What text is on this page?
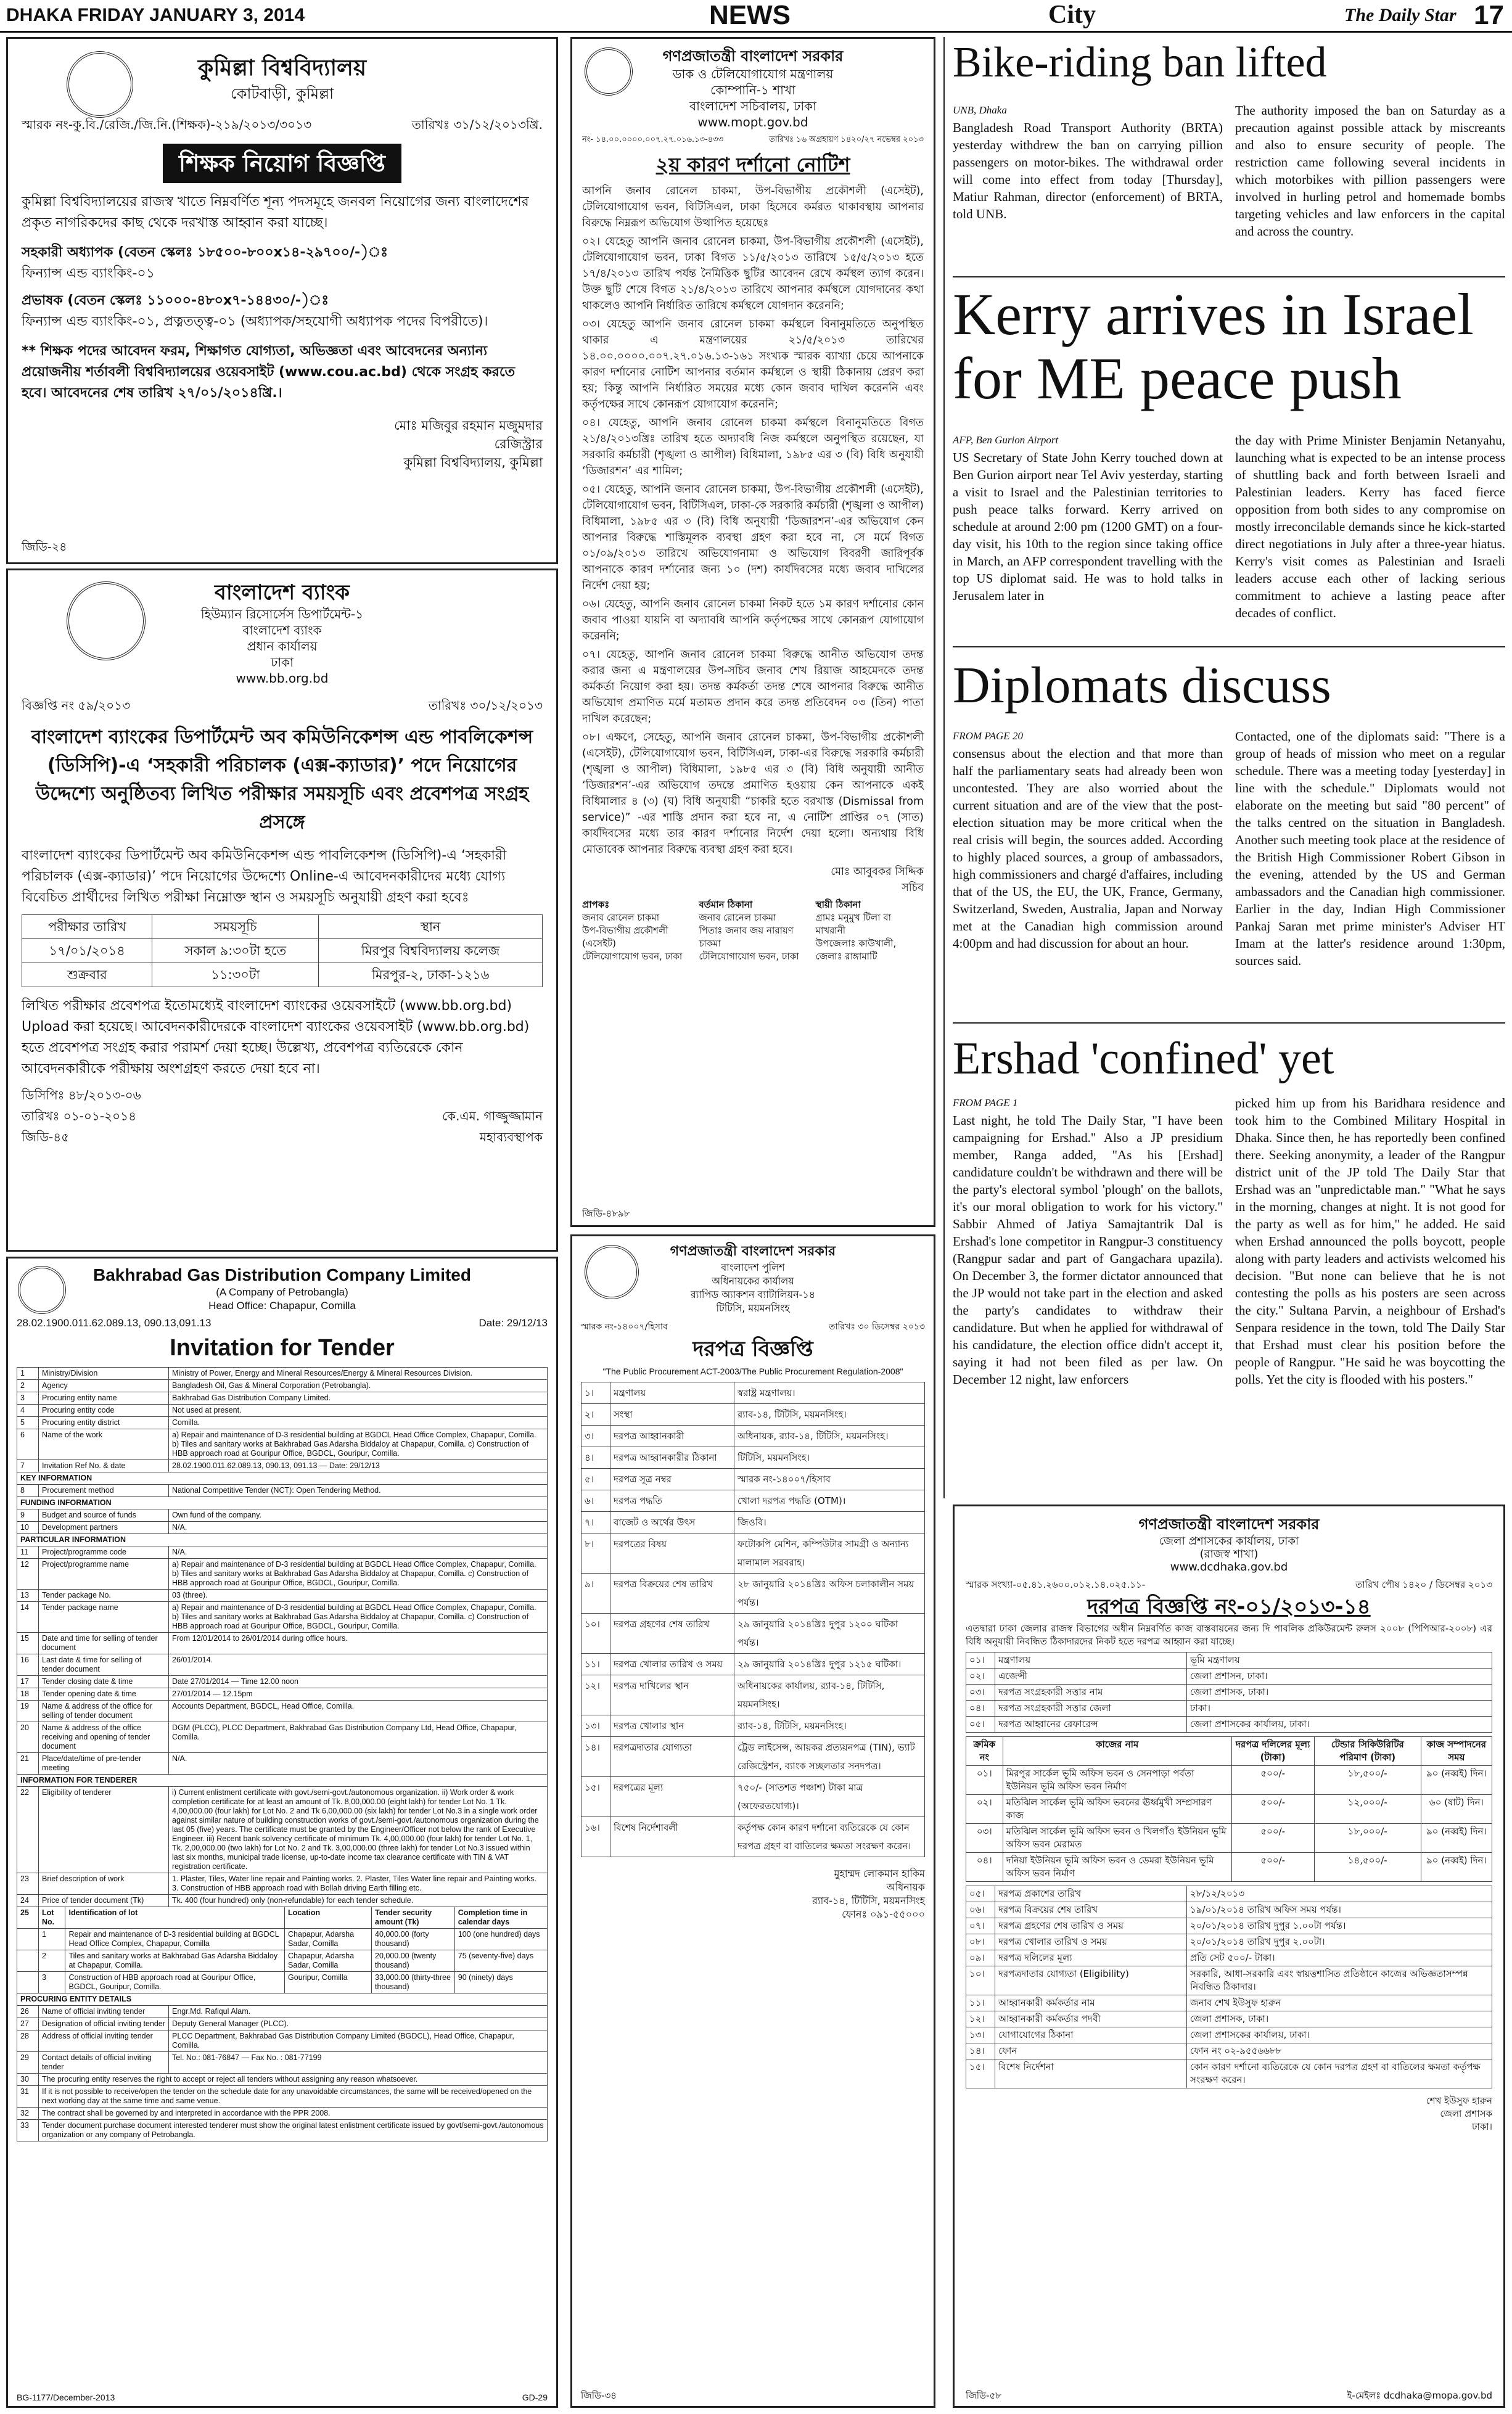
DHAKA FRIDAY JANUARY 3, 2014	NEWS	City	The Daily Star 17
কুমিল্লা বিশ্ববিদ্যালয়
কোটবাড়ী, কুমিল্লা
স্মারক নং-কু.বি./রেজি./জি.নি.(শিক্ষক)-২১৯/২০১৩/৩০১৩	তারিখঃ ৩১/১২/২০১৩খ্রি.
শিক্ষক নিয়োগ বিজ্ঞপ্তি
কুমিল্লা বিশ্ববিদ্যালয়ের রাজস্ব খাতে নিম্নবর্ণিত শূন্য পদসমূহে জনবল নিয়োগের জন্য বাংলাদেশের প্রকৃত নাগরিকদের কাছ থেকে দরখাস্ত আহ্বান করা যাচ্ছে।
সহকারী অধ্যাপক (বেতন স্কেলঃ ১৮৫০০-৮০০x১৪-২৯৭০০/-)ঃ
ফিন্যান্স এন্ড ব্যাংকিং-০১
প্রভাষক (বেতন স্কেলঃ ১১০০০-৪৮০x৭-১৪৪৩০/-)ঃ
ফিন্যান্স এন্ড ব্যাংকিং-০১, প্রত্নতত্ত্ব-০১ (অধ্যাপক/সহযোগী অধ্যাপক পদের বিপরীতে)।
** শিক্ষক পদের আবেদন ফরম, শিক্ষাগত যোগ্যতা, অভিজ্ঞতা এবং আবেদনের অন্যান্য প্রয়োজনীয় শর্তাবলী বিশ্ববিদ্যালয়ের ওয়েবসাইট (www.cou.ac.bd) থেকে সংগ্রহ করতে হবে। আবেদনের শেষ তারিখ ২৭/০১/২০১৪খ্রি.।
মোঃ মজিবুর রহমান মজুমদার
রেজিস্ট্রার
কুমিল্লা বিশ্ববিদ্যালয়, কুমিল্লা
জিডি-২৪
বাংলাদেশ ব্যাংক
হিউম্যান রিসোর্সেস ডিপার্টমেন্ট-১
বাংলাদেশ ব্যাংক
প্রধান কার্যালয়
ঢাকা
www.bb.org.bd
বিজ্ঞপ্তি নং ৫৯/২০১৩	তারিখঃ ৩০/১২/২০১৩
বাংলাদেশ ব্যাংকের ডিপার্টমেন্ট অব কমিউনিকেশন্স এন্ড পাবলিকেশন্স (ডিসিপি)-এ ‘সহকারী পরিচালক (এক্স-ক্যাডার)’ পদে নিয়োগের উদ্দেশ্যে অনুষ্ঠিতব্য লিখিত পরীক্ষার সময়সূচি এবং প্রবেশপত্র সংগ্রহ প্রসঙ্গে
বাংলাদেশ ব্যাংকের ডিপার্টমেন্ট অব কমিউনিকেশন্স এন্ড পাবলিকেশন্স (ডিসিপি)-এ ‘সহকারী পরিচালক (এক্স-ক্যাডার)’ পদে নিয়োগের উদ্দেশ্যে Online-এ আবেদনকারীদের মধ্যে যোগ্য বিবেচিত প্রার্থীদের লিখিত পরীক্ষা নিম্নোক্ত স্থান ও সময়সূচি অনুযায়ী গ্রহণ করা হবেঃ
পরীক্ষার তারিখ	সময়সূচি	স্থান
১৭/০১/২০১৪	সকাল ৯:৩০টা হতে	মিরপুর বিশ্ববিদ্যালয় কলেজ
শুক্রবার	১১:৩০টা	মিরপুর-২, ঢাকা-১২১৬
লিখিত পরীক্ষার প্রবেশপত্র ইতোমধ্যেই বাংলাদেশ ব্যাংকের ওয়েবসাইটে (www.bb.org.bd) Upload করা হয়েছে। আবেদনকারীদেরকে বাংলাদেশ ব্যাংকের ওয়েবসাইট (www.bb.org.bd) হতে প্রবেশপত্র সংগ্রহ করার পরামর্শ দেয়া হচ্ছে। উল্লেখ্য, প্রবেশপত্র ব্যতিরেকে কোন আবেদনকারীকে পরীক্ষায় অংশগ্রহণ করতে দেয়া হবে না।
ডিসিপিঃ ৪৮/২০১৩-০৬
তারিখঃ ০১-০১-২০১৪	কে.এম. গাজ্জুজ্জামান
জিডি-৪৫	মহাব্যবস্থাপক
Bakhrabad Gas Distribution Company Limited
(A Company of Petrobangla)
Head Office: Chapapur, Comilla
28.02.1900.011.62.089.13, 090.13,091.13	Date: 29/12/13
Invitation for Tender
1	Ministry/Division	Ministry of Power, Energy and Mineral Resources/Energy & Mineral Resources Division.
2	Agency	Bangladesh Oil, Gas & Mineral Corporation (Petrobangla).
3	Procuring entity name	Bakhrabad Gas Distribution Company Limited.
4	Procuring entity code	Not used at present.
5	Procuring entity district	Comilla.
6	Name of the work	a) Repair and maintenance of D-3 residential building at BGDCL Head Office Complex, Chapapur, Comilla. b) Tiles and sanitary works at Bakhrabad Gas Adarsha Biddaloy at Chapapur, Comilla. c) Construction of HBB approach road at Gouripur Office, BGDCL, Gouripur, Comilla.
7	Invitation Ref No. & date	28.02.1900.011.62.089.13, 090.13, 091.13 — Date: 29/12/13
KEY INFORMATION		
8	Procurement method	National Competitive Tender (NCT): Open Tendering Method.
FUNDING INFORMATION		
9	Budget and source of funds	Own fund of the company.
10	Development partners	N/A.
PARTICULAR INFORMATION		
11	Project/programme code	N/A.
12	Project/programme name	a) Repair and maintenance of D-3 residential building at BGDCL Head Office Complex, Chapapur, Comilla. b) Tiles and sanitary works at Bakhrabad Gas Adarsha Biddaloy at Chapapur, Comilla. c) Construction of HBB approach road at Gouripur Office, BGDCL, Gouripur, Comilla.
13	Tender package No.	03 (three).
14	Tender package name	a) Repair and maintenance of D-3 residential building at BGDCL Head Office Complex, Chapapur, Comilla. b) Tiles and sanitary works at Bakhrabad Gas Adarsha Biddaloy at Chapapur, Comilla. c) Construction of HBB approach road at Gouripur Office, BGDCL, Gouripur, Comilla.
15	Date and time for selling of tender document	From 12/01/2014 to 26/01/2014 during office hours.
16	Last date & time for selling of tender document	26/01/2014.
17	Tender closing date & time	Date 27/01/2014 — Time 12.00 noon
18	Tender opening date & time	27/01/2014 — 12.15pm
19	Name & address of the office for selling of tender document	Accounts Department, BGDCL, Head Office, Comilla.
20	Name & address of the office receiving and opening of tender document	DGM (PLCC), PLCC Department, Bakhrabad Gas Distribution Company Ltd, Head Office, Chapapur, Comilla.
21	Place/date/time of pre-tender meeting	N/A.
INFORMATION FOR TENDERER		
22	Eligibility of tenderer	i) Current enlistment certificate with govt./semi-govt./autonomous organization. ii) Work order & work completion certificate for at least an amount of Tk. 8,00,000.00 (eight lakh) for tender Lot No. 1 Tk. 4,00,000.00 (four lakh) for Lot No. 2 and Tk 6,00,000.00 (six lakh) for tender Lot No.3 in a single work order against similar nature of building construction works of govt./semi-govt./autonomous organization during the last 05 (five) years. The certificate must be granted by the Engineer/Officer not below the rank of Executive Engineer. iii) Recent bank solvency certificate of minimum Tk. 4,00,000.00 (four lakh) for tender Lot No. 1, Tk. 2,00,000.00 (two lakh) for Lot No. 2 and Tk. 3,00,000.00 (three lakh) for tender Lot No.3 issued within last six months, municipal trade license, up-to-date income tax clearance certificate with TIN & VAT registration certificate.
23	Brief description of work	1. Plaster, Tiles, Water line repair and Painting works. 2. Plaster, Tiles Water line repair and Painting works. 3. Construction of HBB approach road with Bollah driving Earth filling etc.
24	Price of tender document (Tk)	Tk. 400 (four hundred) only (non-refundable) for each tender schedule.
25	Lot No.	Identification of lot	Location	Tender security amount (Tk)	Completion time in calendar days
	1	Repair and maintenance of D-3 residential building at BGDCL Head Office Complex, Chapapur, Comilla	Chapapur, Adarsha Sadar, Comilla	40,000.00 (forty thousand)	100 (one hundred) days
	2	Tiles and sanitary works at Bakhrabad Gas Adarsha Biddaloy at Chapapur, Comilla.	Chapapur, Adarsha Sadar, Comilla	20,000.00 (twenty thousand)	75 (seventy-five) days
	3	Construction of HBB approach road at Gouripur Office, BGDCL, Gouripur, Comilla.	Gouripur, Comilla	33,000.00 (thirty-three thousand)	90 (ninety) days
PROCURING ENTITY DETAILS		
26	Name of official inviting tender	Engr.Md. Rafiqul Alam.
27	Designation of official inviting tender	Deputy General Manager (PLCC).
28	Address of official inviting tender	PLCC Department, Bakhrabad Gas Distribution Company Limited (BGDCL), Head Office, Chapapur, Comilla.
29	Contact details of official inviting tender	Tel. No.: 081-76847 — Fax No. : 081-77199
30	The procuring entity reserves the right to accept or reject all tenders without assigning any reason whatsoever.	
31	If it is not possible to receive/open the tender on the schedule date for any unavoidable circumstances, the same will be received/opened on the next working day at the same time and same venue.	
32	The contract shall be governed by and interpreted in accordance with the PPR 2008.	
33	Tender document purchase document interested tenderer must show the original latest enlistment certificate issued by govt/semi-govt./autonomous organization or any company of Petrobangla.	
BG-1177/December-2013	GD-29
গণপ্রজাতন্ত্রী বাংলাদেশ সরকার
ডাক ও টেলিযোগাযোগ মন্ত্রণালয়
কোম্পানি-১ শাখা
বাংলাদেশ সচিবালয়, ঢাকা
www.mopt.gov.bd
নং- ১৪.০০.০০০০.০০৭.২৭.০১৬.১৩-৪৩৩	তারিখঃ ১৬ অগ্রহায়ণ ১৪২০/২৭ নভেম্বর ২০১৩
২য় কারণ দর্শানো নোটিশ
আপনি জনাব রোনেল চাকমা, উপ-বিভাগীয় প্রকৌশলী (এসেইট), টেলিযোগাযোগ ভবন, বিটিসিএল, ঢাকা হিসেবে কর্মরত থাকাবস্থায় আপনার বিরুদ্ধে নিম্নরূপ অভিযোগ উত্থাপিত হয়েছেঃ
০২। যেহেতু আপনি জনাব রোনেল চাকমা, উপ-বিভাগীয় প্রকৌশলী (এসেইট), টেলিযোগাযোগ ভবন, ঢাকা বিগত ১১/৫/২০১৩ তারিখে ১৫/৫/২০১৩ হতে ১৭/৪/২০১৩ তারিখ পর্যন্ত নৈমিত্তিক ছুটির আবেদন রেখে কর্মস্থল ত্যাগ করেন। উক্ত ছুটি শেষে বিগত ২১/৪/২০১৩ তারিখে আপনার কর্মস্থলে যোগদানের কথা থাকলেও আপনি নির্ধারিত তারিখে কর্মস্থলে যোগদান করেননি;
০৩। যেহেতু আপনি জনাব রোনেল চাকমা কর্মস্থলে বিনানুমতিতে অনুপস্থিত থাকার এ মন্ত্রণালয়ের ২১/৫/২০১৩ তারিখের ১৪.০০.০০০০.০০৭.২৭.০১৬.১৩-১৬১ সংখ্যক স্মারক ব্যাখ্যা চেয়ে আপনাকে কারণ দর্শানোর নোটিশ আপনার বর্তমান কর্মস্থলে ও স্থায়ী ঠিকানায় প্রেরণ করা হয়; কিন্তু আপনি নির্ধারিত সময়ের মধ্যে কোন জবাব দাখিল করেননি এবং কর্তৃপক্ষের সাথে কোনরূপ যোগাযোগ করেননি;
০৪। যেহেতু, আপনি জনাব রোনেল চাকমা কর্মস্থলে বিনানুমতিতে বিগত ২১/৪/২০১৩খ্রিঃ তারিখ হতে অদ্যাবধি নিজ কর্মস্থলে অনুপস্থিত রয়েছেন, যা সরকারি কর্মচারী (শৃঙ্খলা ও আপীল) বিধিমালা, ১৯৮৫ এর ৩ (বি) বিধি অনুযায়ী ‘ডিজারশন’ এর শামিল;
০৫। যেহেতু, আপনি জনাব রোনেল চাকমা, উপ-বিভাগীয় প্রকৌশলী (এসেইট), টেলিযোগাযোগ ভবন, বিটিসিএল, ঢাকা-কে সরকারি কর্মচারী (শৃঙ্খলা ও আপীল) বিধিমালা, ১৯৮৫ এর ৩ (বি) বিধি অনুযায়ী ‘ডিজারশন’-এর অভিযোগ কেন আপনার বিরুদ্ধে শাস্তিমূলক ব্যবস্থা গ্রহণ করা হবে না, সে মর্মে বিগত ০১/০৯/২০১৩ তারিখে অভিযোগনামা ও অভিযোগ বিবরণী জারিপূর্বক আপনাকে কারণ দর্শানোর জন্য ১০ (দশ) কার্যদিবসের মধ্যে জবাব দাখিলের নির্দেশ দেয়া হয়;
০৬। যেহেতু, আপনি জনাব রোনেল চাকমা নিকট হতে ১ম কারণ দর্শানোর কোন জবাব পাওয়া যায়নি বা অদ্যাবধি আপনি কর্তৃপক্ষের সাথে কোনরূপ যোগাযোগ করেননি;
০৭। যেহেতু, আপনি জনাব রোনেল চাকমা বিরুদ্ধে আনীত অভিযোগ তদন্ত করার জন্য এ মন্ত্রণালয়ের উপ-সচিব জনাব শেখ রিয়াজ আহমেদকে তদন্ত কর্মকর্তা নিয়োগ করা হয়। তদন্ত কর্মকর্তা তদন্ত শেষে আপনার বিরুদ্ধে আনীত অভিযোগ প্রমাণিত মর্মে মতামত প্রদান করে তদন্ত প্রতিবেদন ০৩ (তিন) পাতা দাখিল করেছেন;
০৮। এক্ষণে, সেহেতু, আপনি জনাব রোনেল চাকমা, উপ-বিভাগীয় প্রকৌশলী (এসেইট), টেলিযোগাযোগ ভবন, বিটিসিএল, ঢাকা-এর বিরুদ্ধে সরকারি কর্মচারী (শৃঙ্খলা ও আপীল) বিধিমালা, ১৯৮৫ এর ৩ (বি) বিধি অনুযায়ী আনীত ‘ডিজারশন’-এর অভিযোগ তদন্তে প্রমাণিত হওয়ায় কেন আপনাকে একই বিধিমালার ৪ (৩) (ঘ) বিধি অনুযায়ী “চাকরি হতে বরখাস্ত (Dismissal from service)” -এর শাস্তি প্রদান করা হবে না, এ নোটিশ প্রাপ্তির ০৭ (সাত) কার্যদিবসের মধ্যে তার কারণ দর্শানোর নির্দেশ দেয়া হলো। অন্যথায় বিধি মোতাবেক আপনার বিরুদ্ধে ব্যবস্থা গ্রহণ করা হবে।
মোঃ আবুবকর সিদ্দিক
সচিব
প্রাপকঃ
জনাব রোনেল চাকমা
উপ-বিভাগীয় প্রকৌশলী (এসেইট)
টেলিযোগাযোগ ভবন, ঢাকা
বর্তমান ঠিকানা
জনাব রোনেল চাকমা
পিতাঃ জনাব জয় নারায়ণ চাকমা
টেলিযোগাযোগ ভবন, ঢাকা
স্থায়ী ঠিকানা
গ্রামঃ মনুমুখ টিলা বা মাখরানী
উপজেলাঃ কাউখালী, জেলাঃ রাঙ্গামাটি
জিডি-৪৮৯৮
গণপ্রজাতন্ত্রী বাংলাদেশ সরকার
বাংলাদেশ পুলিশ
অধিনায়কের কার্যালয়
র‍্যাপিড অ্যাকশন ব্যাটালিয়ন-১৪
টিটিসি, ময়মনসিংহ
স্মারক নং-১৪০০৭/হিসাব	তারিখঃ ৩০ ডিসেম্বর ২০১৩
দরপত্র বিজ্ঞপ্তি
"The Public Procurement ACT-2003/The Public Procurement Regulation-2008"
১।	মন্ত্রণালয়	স্বরাষ্ট্র মন্ত্রণালয়।
২।	সংস্থা	র‍্যাব-১৪, টিটিসি, ময়মনসিংহ।
৩।	দরপত্র আহ্বানকারী	অধিনায়ক, র‍্যাব-১৪, টিটিসি, ময়মনসিংহ।
৪।	দরপত্র আহ্বানকারীর ঠিকানা	টিটিসি, ময়মনসিংহ।
৫।	দরপত্র সূত্র নম্বর	স্মারক নং-১৪০০৭/হিসাব
৬।	দরপত্র পদ্ধতি	খোলা দরপত্র পদ্ধতি (OTM)।
৭।	বাজেট ও অর্থের উৎস	জিওবি।
৮।	দরপত্রের বিষয়	ফটোকপি মেশিন, কম্পিউটার সামগ্রী ও অন্যান্য মালামাল সরবরাহ।
৯।	দরপত্র বিক্রয়ের শেষ তারিখ	২৮ জানুয়ারি ২০১৪খ্রিঃ অফিস চলাকালীন সময় পর্যন্ত।
১০।	দরপত্র গ্রহণের শেষ তারিখ	২৯ জানুয়ারি ২০১৪খ্রিঃ দুপুর ১২০০ ঘটিকা পর্যন্ত।
১১।	দরপত্র খোলার তারিখ ও সময়	২৯ জানুয়ারি ২০১৪খ্রিঃ দুপুর ১২১৫ ঘটিকা।
১২।	দরপত্র দাখিলের স্থান	অধিনায়কের কার্যালয়, র‍্যাব-১৪, টিটিসি, ময়মনসিংহ।
১৩।	দরপত্র খোলার স্থান	র‍্যাব-১৪, টিটিসি, ময়মনসিংহ।
১৪।	দরপত্রদাতার যোগ্যতা	ট্রেড লাইসেন্স, আয়কর প্রত্যয়নপত্র (TIN), ভ্যাট রেজিস্ট্রেশন, ব্যাংক সচ্ছলতার সনদপত্র।
১৫।	দরপত্রের মূল্য	৭৫০/- (সাতশত পঞ্চাশ) টাকা মাত্র (অফেরতযোগ্য)।
১৬।	বিশেষ নির্দেশাবলী	কর্তৃপক্ষ কোন কারণ দর্শানো ব্যতিরেকে যে কোন দরপত্র গ্রহণ বা বাতিলের ক্ষমতা সংরক্ষণ করেন।
মুহাম্মদ লোকমান হাকিম
অধিনায়ক
র‍্যাব-১৪, টিটিসি, ময়মনসিংহ
ফোনঃ ০৯১-৫৫০০০
জিডি-৩৪
Bike-riding ban lifted
UNB, Dhaka
Bangladesh Road Transport Authority (BRTA) yesterday withdrew the ban on carrying pillion passengers on motor-bikes. The withdrawal order will come into effect from today [Thursday], Matiur Rahman, director (enforcement) of BRTA, told UNB.
The authority imposed the ban on Saturday as a precaution against possible attack by miscreants and also to ensure security of people. The restriction came following several incidents in which motorbikes with pillion passengers were involved in hurling petrol and homemade bombs targeting vehicles and law enforcers in the capital and across the country.
Kerry arrives in Israel for ME peace push
AFP, Ben Gurion Airport
US Secretary of State John Kerry touched down at Ben Gurion airport near Tel Aviv yesterday, starting a visit to Israel and the Palestinian territories to push peace talks forward. Kerry arrived on schedule at around 2:00 pm (1200 GMT) on a four-day visit, his 10th to the region since taking office in March, an AFP correspondent travelling with the top US diplomat said. He was to hold talks in Jerusalem later in
the day with Prime Minister Benjamin Netanyahu, launching what is expected to be an intense process of shuttling back and forth between Israeli and Palestinian leaders. Kerry has faced fierce opposition from both sides to any compromise on mostly irreconcilable demands since he kick-started direct negotiations in July after a three-year hiatus. Kerry's visit comes as Palestinian and Israeli leaders accuse each other of lacking serious commitment to achieve a lasting peace after decades of conflict.
Diplomats discuss
FROM PAGE 20
consensus about the election and that more than half the parliamentary seats had already been won uncontested. They are also worried about the current situation and are of the view that the post-election situation may be more critical when the real crisis will begin, the sources added. According to highly placed sources, a group of ambassadors, high commissioners and chargé d'affaires, including that of the US, the EU, the UK, France, Germany, Switzerland, Sweden, Australia, Japan and Norway met at the Canadian high commission around 4:00pm and had discussion for about an hour.
Contacted, one of the diplomats said: "There is a group of heads of mission who meet on a regular schedule. There was a meeting today [yesterday] in line with the schedule." Diplomats would not elaborate on the meeting but said "80 percent" of the talks centred on the situation in Bangladesh. Another such meeting took place at the residence of the British High Commissioner Robert Gibson in the evening, attended by the US and German ambassadors and the Canadian high commissioner. Earlier in the day, Indian High Commissioner Pankaj Saran met prime minister's Adviser HT Imam at the latter's residence around 1:30pm, sources said.
Ershad 'confined' yet
FROM PAGE 1
Last night, he told The Daily Star, "I have been campaigning for Ershad." Also a JP presidium member, Ranga added, "As his [Ershad] candidature couldn't be withdrawn and there will be the party's electoral symbol 'plough' on the ballots, it's our moral obligation to work for his victory." Sabbir Ahmed of Jatiya Samajtantrik Dal is Ershad's lone competitor in Rangpur-3 constituency (Rangpur sadar and part of Gangachara upazila). On December 3, the former dictator announced that the JP would not take part in the election and asked the party's candidates to withdraw their candidature. But when he applied for withdrawal of his candidature, the election office didn't accept it, saying it had not been filed as per law. On December 12 night, law enforcers
picked him up from his Baridhara residence and took him to the Combined Military Hospital in Dhaka. Since then, he has reportedly been confined there. Seeking anonymity, a leader of the Rangpur district unit of the JP told The Daily Star that Ershad was an "unpredictable man." "What he says in the morning, changes at night. It is not good for the party as well as for him," he added. He said when Ershad announced the polls boycott, people along with party leaders and activists welcomed his decision. "But none can believe that he is not contesting the polls as his posters are seen across the city." Sultana Parvin, a neighbour of Ershad's Senpara residence in the town, told The Daily Star that Ershad must clear his position before the people of Rangpur. "He said he was boycotting the polls. Yet the city is flooded with his posters."
গণপ্রজাতন্ত্রী বাংলাদেশ সরকার
জেলা প্রশাসকের কার্যালয়, ঢাকা
(রাজস্ব শাখা)
www.dcdhaka.gov.bd
স্মারক সংখ্যা-০৫.৪১.২৬০০.০১২.১৪.০২৫.১১-	তারিখ পৌষ ১৪২০ / ডিসেম্বর ২০১৩
দরপত্র বিজ্ঞপ্তি নং-০১/২০১৩-১৪
এতদ্বারা ঢাকা জেলার রাজস্ব বিভাগের অধীন নিম্নবর্ণিত কাজ বাস্তবায়নের জন্য দি পাবলিক প্রকিউরমেন্ট রুলস ২০০৮ (পিপিআর-২০০৮) এর বিধি অনুযায়ী নিবন্ধিত ঠিকাদারদের নিকট হতে দরপত্র আহ্বান করা যাচ্ছে।
০১।	মন্ত্রণালয়	ভূমি মন্ত্রণালয়
০২।	এজেন্সী	জেলা প্রশাসন, ঢাকা।
০৩।	দরপত্র সংগ্রহকারী সত্তার নাম	জেলা প্রশাসক, ঢাকা।
০৪।	দরপত্র সংগ্রহকারী সত্তার জেলা	ঢাকা।
০৫।	দরপত্র আহ্বানের রেফারেন্স	জেলা প্রশাসকের কার্যালয়, ঢাকা।
ক্রমিক নং	কাজের নাম	দরপত্র দলিলের মূল্য (টাকা)	টেন্ডার সিকিউরিটির পরিমাণ (টাকা)	কাজ সম্পাদনের সময়
০১।	মিরপুর সার্কেল ভূমি অফিস ভবন ও সেনপাড়া পর্বতা ইউনিয়ন ভূমি অফিস ভবন নির্মাণ	৫০০/-	১৮,৫০০/-	৯০ (নব্বই) দিন।
০২।	মতিঝিল সার্কেল ভূমি অফিস ভবনের ঊর্ধ্বমুখী সম্প্রসারণ কাজ	৫০০/-	১২,০০০/-	৬০ (ষাট) দিন।
০৩।	মতিঝিল সার্কেল ভূমি অফিস ভবন ও খিলগাঁও ইউনিয়ন ভূমি অফিস ভবন মেরামত	৫০০/-	১৮,০০০/-	৯০ (নব্বই) দিন।
০৪।	দনিয়া ইউনিয়ন ভূমি অফিস ভবন ও ডেমরা ইউনিয়ন ভূমি অফিস ভবন নির্মাণ	৫০০/-	১৪,৫০০/-	৯০ (নব্বই) দিন।
০৫।	দরপত্র প্রকাশের তারিখ	২৮/১২/২০১৩
০৬।	দরপত্র বিক্রয়ের শেষ তারিখ	১৯/০১/২০১৪ তারিখ অফিস সময় পর্যন্ত।
০৭।	দরপত্র গ্রহণের শেষ তারিখ ও সময়	২০/০১/২০১৪ তারিখ দুপুর ১.০০টা পর্যন্ত।
০৮।	দরপত্র খোলার তারিখ ও সময়	২০/০১/২০১৪ তারিখ দুপুর ২.০০টা।
০৯।	দরপত্র দলিলের মূল্য	প্রতি সেট ৫০০/- টাকা।
১০।	দরপত্রদাতার যোগ্যতা (Eligibility)	সরকারি, আধা-সরকারি এবং স্বায়ত্তশাসিত প্রতিষ্ঠানে কাজের অভিজ্ঞতাসম্পন্ন নিবন্ধিত ঠিকাদার।
১১।	আহ্বানকারী কর্মকর্তার নাম	জনাব শেখ ইউসুফ হারুন
১২।	আহ্বানকারী কর্মকর্তার পদবী	জেলা প্রশাসক, ঢাকা।
১৩।	যোগাযোগের ঠিকানা	জেলা প্রশাসকের কার্যালয়, ঢাকা।
১৪।	ফোন	ফোন নং ০২-৯৫৫৬৬৮৮
১৫।	বিশেষ নির্দেশনা	কোন কারণ দর্শানো ব্যতিরেকে যে কোন দরপত্র গ্রহণ বা বাতিলের ক্ষমতা কর্তৃপক্ষ সংরক্ষণ করেন।
শেখ ইউসুফ হারুন
জেলা প্রশাসক
ঢাকা।
জিডি-৫৮	ই-মেইলঃ dcdhaka@mopa.gov.bd
